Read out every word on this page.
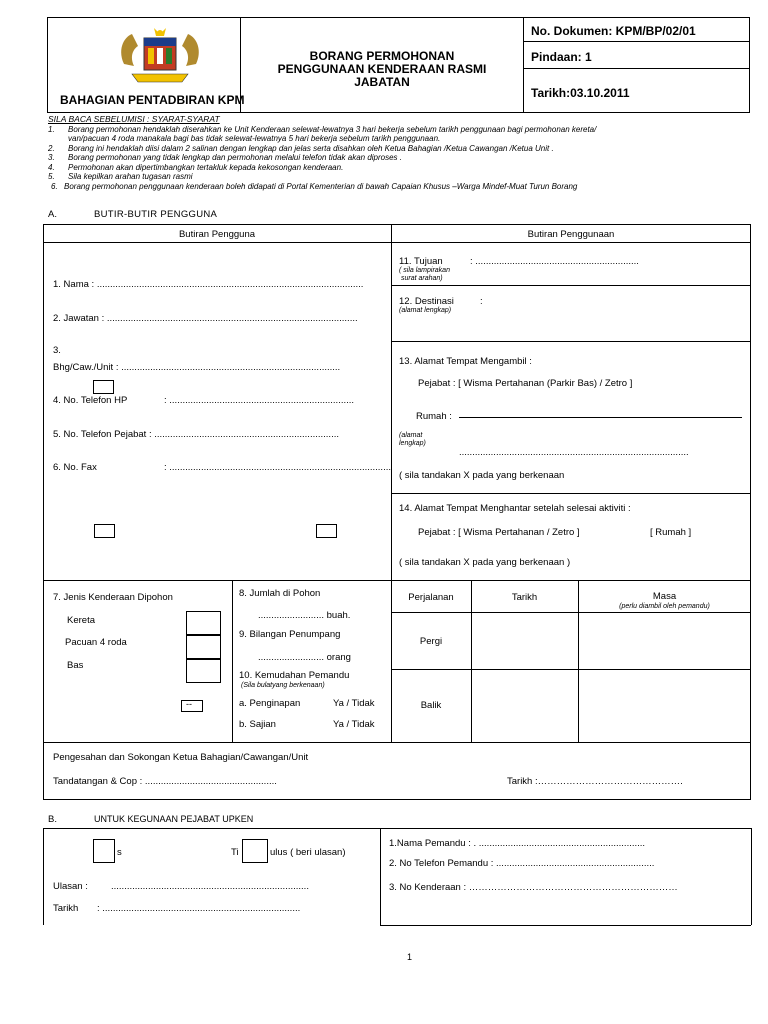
BAHAGIAN PENTADBIRAN KPM
BORANG PERMOHONAN
PENGGUNAAN KENDERAAN RASMI
JABATAN
No. Dokumen: KPM/BP/02/01
Pindaan: 1
Tarikh:03.10.2011
SILA BACA SEBELUMISI : SYARAT-SYARAT
1. Borang permohonan hendaklah diserahkan ke Unit Kenderaan selewat-lewatnya 3 hari bekerja sebelum tarikh penggunaan bagi permohonan kereta/
van/pacuan 4 roda manakala bagi bas tidak selewat-lewatnya 5 hari bekerja sebelum tarikh penggunaan.
2. Borang ini hendaklah diisi dalam 2 salinan dengan lengkap dan jelas serta disahkan oleh Ketua Bahagian /Ketua Cawangan /Ketua Unit .
3. Borang permohonan yang tidak lengkap dan permohonan melalui telefon tidak akan diproses .
4. Permohonan akan dipertimbangkan tertakluk kepada kekosongan kenderaan.
5. Sila kepilkan arahan tugasan rasmi
6. Borang permohonan penggunaan kenderaan boleh didapati di Portal Kementerian di bawah Capaian Khusus –Warga Mindef-Muat Turun Borang
A.	BUTIR-BUTIR PENGGUNA
Butiran Pengguna	Butiran Penggunaan
1. Nama : .....................................................................................................
2. Jawatan : ...............................................................................................
3.
Bhg/Caw./Unit : ...................................................................................
4. No. Telefon HP	: ......................................................................
5. No. Telefon Pejabat : ......................................................................
6. No. Fax	: ....................................................................................
11. Tujuan	: ..............................................................
( sila lampirakan
surat arahan)
12. Destinasi	:
(alamat lengkap)
13. Alamat Tempat Mengambil :
Pejabat : [ Wisma Pertahanan (Parkir Bas) / Zetro ]
Rumah :
(alamat
lengkap)
.......................................................................................
( sila tandakan X pada yang berkenaan
14. Alamat Tempat Menghantar setelah selesai aktiviti :
Pejabat : [ Wisma Pertahanan / Zetro ]	[ Rumah ]
( sila tandakan X pada yang berkenaan )
7. Jenis Kenderaan Dipohon
Kereta
Pacuan 4 roda
Bas
--
8. Jumlah di Pohon
......................... buah.
9. Bilangan Penumpang
......................... orang
10. Kemudahan Pemandu
(Sila bulatyang berkenaan)
a. Penginapan	Ya / Tidak
b. Sajian	Ya / Tidak
Perjalanan	Tarikh	Masa
(perlu diambil oleh pemandu)
Pergi
Balik
Pengesahan dan Sokongan Ketua Bahagian/Cawangan/Unit
Tandatangan & Cop : ..................................................	Tarikh :……………………………………….
B.	UNTUK KEGUNAAN PEJABAT UPKEN
s	Ti	ulus ( beri ulasan)
Ulasan : ...........................................................................
Tarikh : ...........................................................................
1.Nama Pemandu : . ...............................................................
2. No Telefon Pemandu : ............................................................
3. No Kenderaan : …………………………………………………………
1
